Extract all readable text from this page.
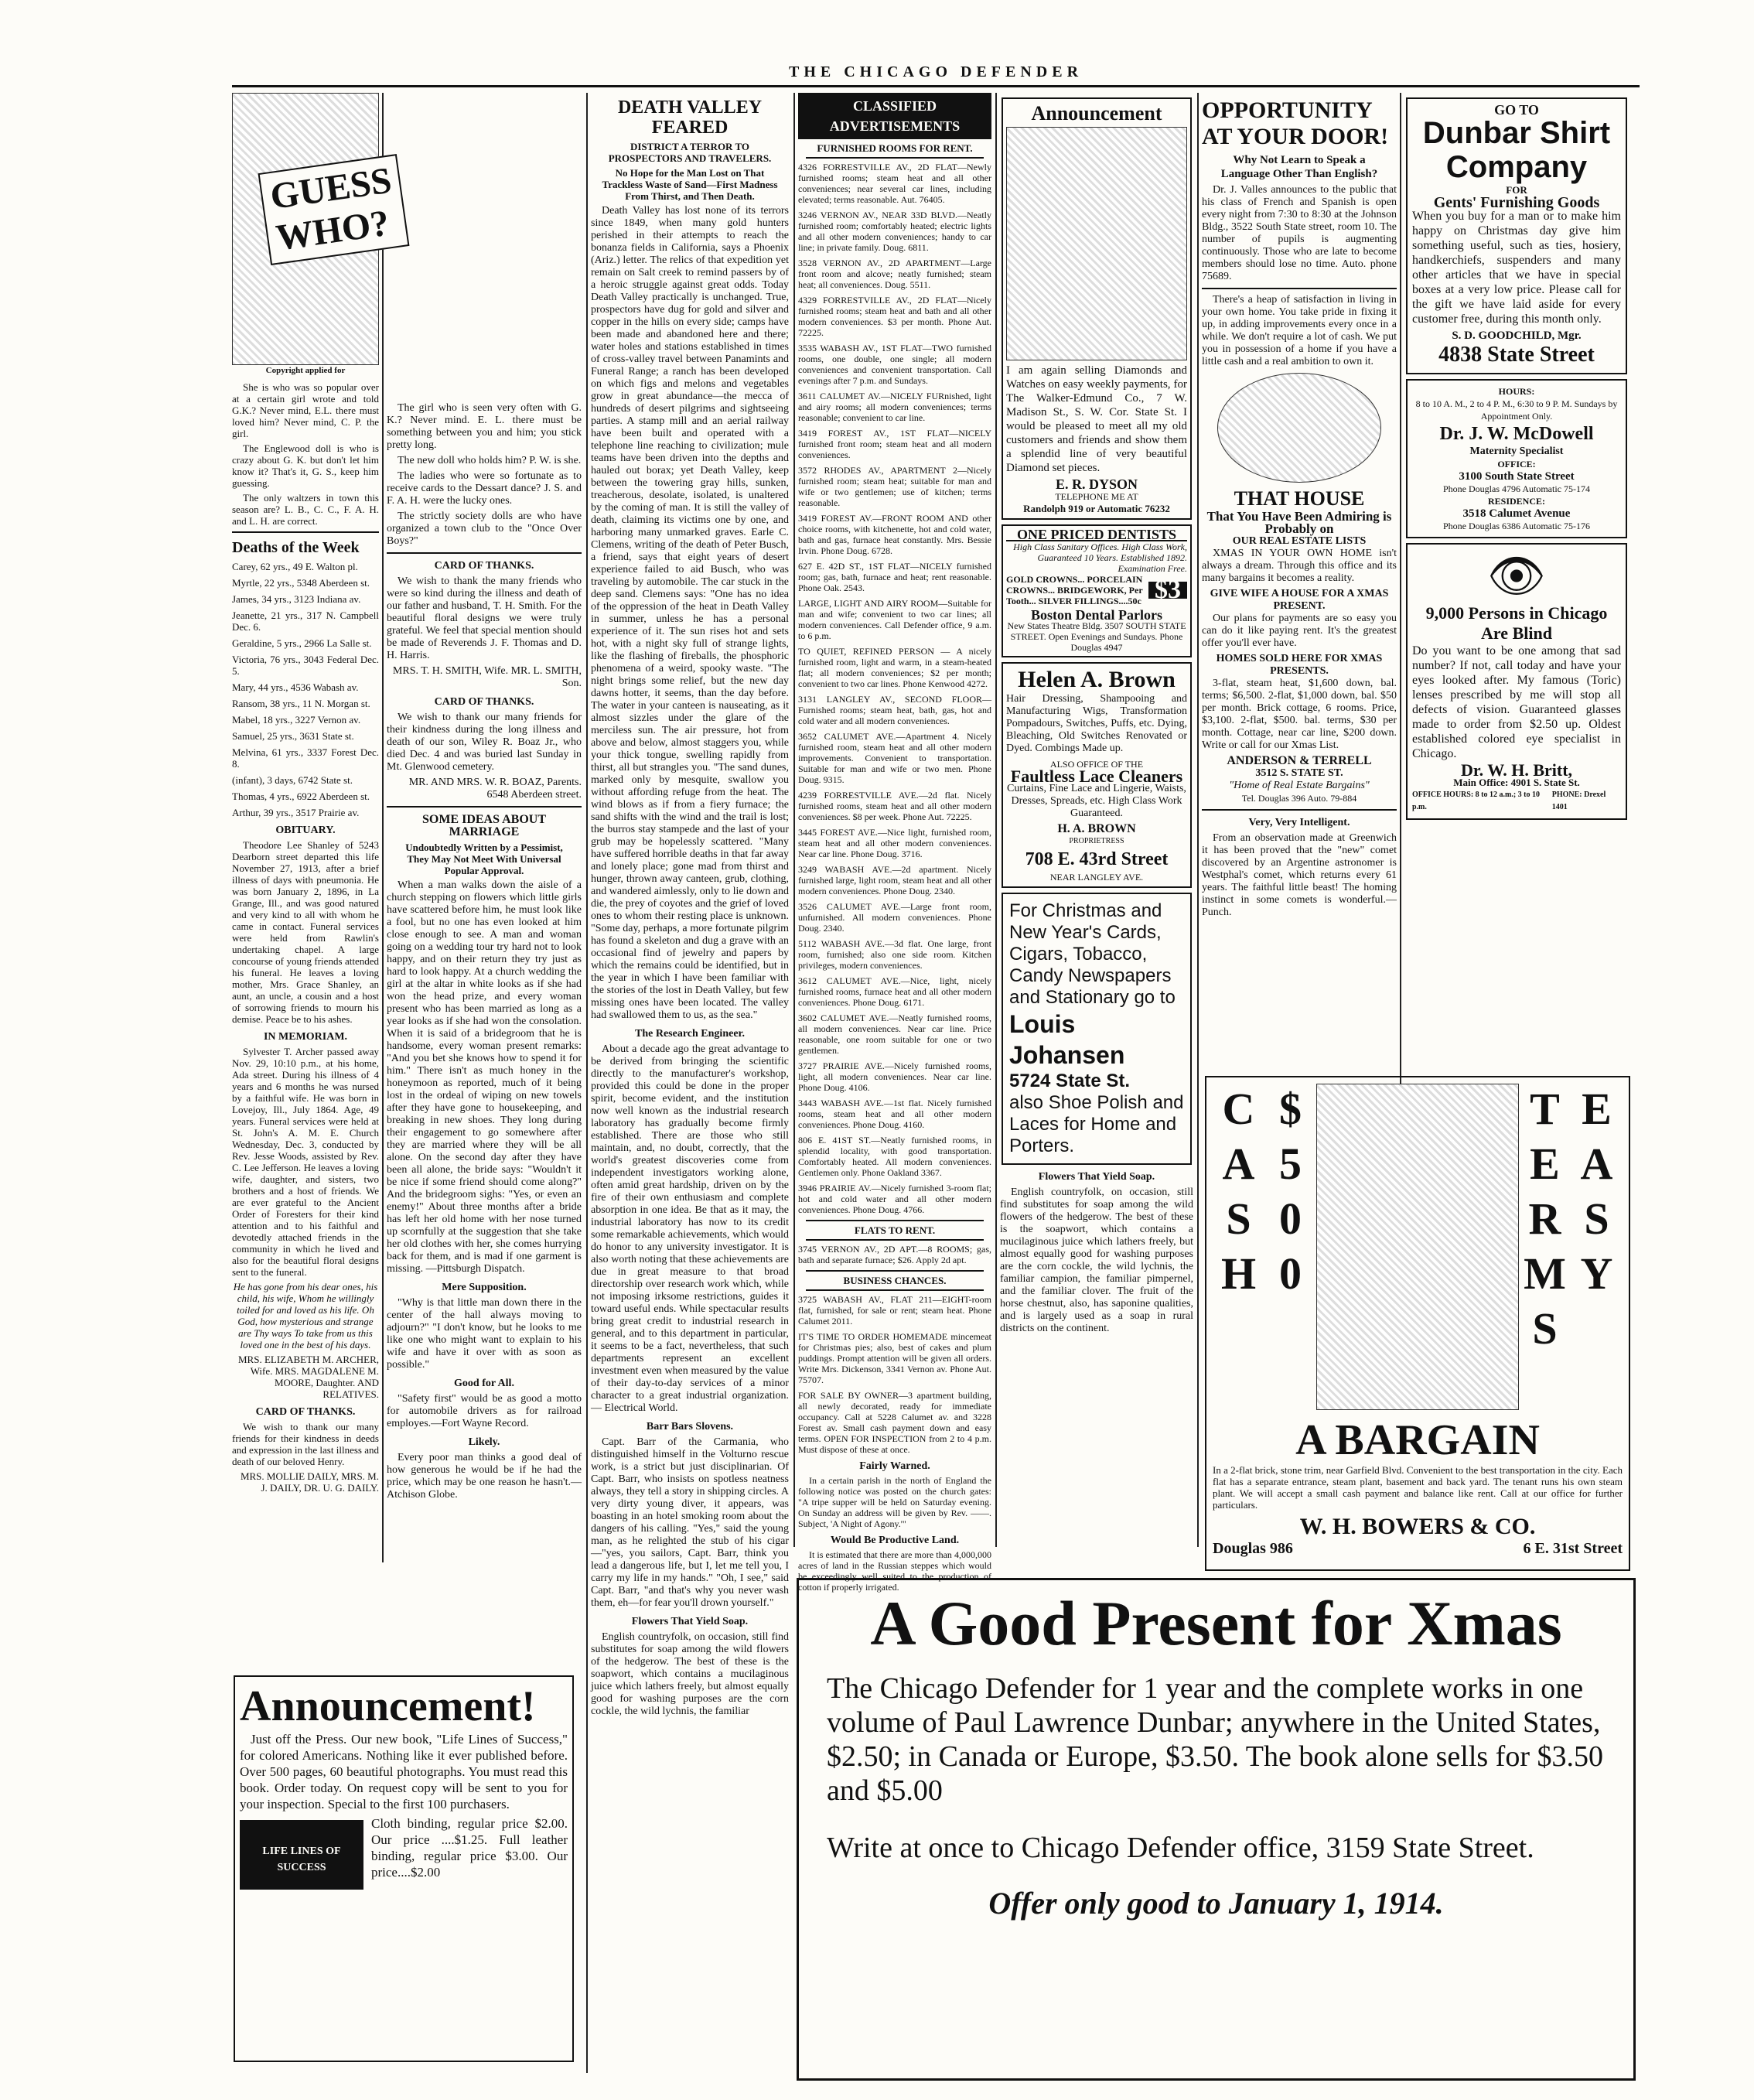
THE CHICAGO DEFENDER
GUESS WHO?
Copyright applied for

She is who was so popular over at a certain girl wrote and told G.K.? Never mind, E.L. there must loved him? Never mind, C. P. the girl.

The Englewood doll is who is crazy about G. K. but don't let him know it? That's it, G. S., keep him guessing.

The only waltzers in town this season are? L. B., C. C., F. A. H. and L. H. are correct.

Deaths of the Week
Carey, 62 yrs., 49 E. Walton pl.
Myrtle, 22 yrs., 5348 Aberdeen st.
James, 34 yrs., 3123 Indiana av.
Jeanette, 21 yrs., 317 N. Campbell Dec. 6.
Geraldine, 5 yrs., 2966 La Salle st.
Victoria, 76 yrs., 3043 Federal Dec. 5.
Mary, 44 yrs., 4536 Wabash av.
Ransom, 38 yrs., 11 N. Morgan st.
Mabel, 18 yrs., 3227 Vernon av.
Samuel, 25 yrs., 3631 State st.
Melvina, 61 yrs., 3337 Forest Dec. 8.
(infant), 3 days, 6742 State st.
Thomas, 4 yrs., 6922 Aberdeen st.
Arthur, 39 yrs., 3517 Prairie av.
OBITUARY.

Theodore Lee Shanley of 5243 Dearborn street departed this life November 27, 1913, after a brief illness of days with pneumonia. He was born January 2, 1896, in La Grange, Ill., and was good natured and very kind to all with whom he came in contact. Funeral services were held from Rawlin's undertaking chapel. A large concourse of young friends attended his funeral. He leaves a loving mother, Mrs. Grace Shanley, an aunt, an uncle, a cousin and a host of sorrowing friends to mourn his demise. Peace be to his ashes.

IN MEMORIAM.

Sylvester T. Archer passed away Nov. 29, 10:10 p.m., at his home, Ada street. During his illness of 4 years and 6 months he was nursed by a faithful wife. He was born in Lovejoy, Ill., July 1864. Age, 49 years. Funeral services were held at St. John's A. M. E. Church Wednesday, Dec. 3, conducted by Rev. Jesse Woods, assisted by Rev. C. Lee Jefferson. He leaves a loving wife, daughter, and sisters, two brothers and a host of friends. We are ever grateful to the Ancient Order of Foresters for their kind attention and to his faithful and devotedly attached friends in the community in which he lived and also for the beautiful floral designs sent to the funeral.

He has gone from his dear ones, his child, his wife, Whom he willingly toiled for and loved as his life. Oh God, how mysterious and strange are Thy ways To take from us this loved one in the best of his days.

MRS. ELIZABETH M. ARCHER, Wife. MRS. MAGDALENE M. MOORE, Daughter. AND RELATIVES.

CARD OF THANKS.

We wish to thank our many friends for their kindness in deeds and expression in the last illness and death of our beloved Henry.

MRS. MOLLIE DAILY, MRS. M. J. DAILY, DR. U. G. DAILY.

Announcement!

Just off the Press. Our new book, "Life Lines of Success," for colored Americans. Nothing like it ever published before. Over 500 pages, 60 beautiful photographs. You must read this book. Order today. On request copy will be sent to you for your inspection. Special to the first 100 purchasers.

LIFE LINES OF SUCCESS

Cloth binding, regular price $2.00. Our price ....$1.25. Full leather binding, regular price $3.00. Our price....$2.00

The girl who is seen very often with G. K.? Never mind. E. L. there must be something between you and him; you stick pretty long.

The new doll who holds him? P. W. is she.

The ladies who were so fortunate as to receive cards to the Dessart dance? J. S. and F. A. H. were the lucky ones.

The strictly society dolls are who have organized a town club to the "Once Over Boys?"

CARD OF THANKS.

We wish to thank the many friends who were so kind during the illness and death of our father and husband, T. H. Smith. For the beautiful floral designs we were truly grateful. We feel that special mention should be made of Reverends J. F. Thomas and D. H. Harris.

MRS. T. H. SMITH, Wife. MR. L. SMITH, Son.

CARD OF THANKS.

We wish to thank our many friends for their kindness during the long illness and death of our son, Wiley R. Boaz Jr., who died Dec. 4 and was buried last Sunday in Mt. Glenwood cemetery.

MR. AND MRS. W. R. BOAZ, Parents. 6548 Aberdeen street.

SOME IDEAS ABOUT MARRIAGE
Undoubtedly Written by a Pessimist, They May Not Meet With Universal Popular Approval.

When a man walks down the aisle of a church stepping on flowers which little girls have scattered before him, he must look like a fool, but no one has even looked at him close enough to see. A man and woman going on a wedding tour try hard not to look happy, and on their return they try just as hard to look happy. At a church wedding the girl at the altar in white looks as if she had won the head prize, and every woman present who has been married as long as a year looks as if she had won the consolation. When it is said of a bridegroom that he is handsome, every woman present remarks: "And you bet she knows how to spend it for him." There isn't as much honey in the honeymoon as reported, much of it being lost in the ordeal of wiping on new towels after they have gone to housekeeping, and breaking in new shoes. They long during their engagement to go somewhere after they are married where they will be all alone. On the second day after they have been all alone, the bride says: "Wouldn't it be nice if some friend should come along?" And the bridegroom sighs: "Yes, or even an enemy!" About three months after a bride has left her old home with her nose turned up scornfully at the suggestion that she take her old clothes with her, she comes hurrying back for them, and is mad if one garment is missing. —Pittsburgh Dispatch.

Mere Supposition.

"Why is that little man down there in the center of the hall always moving to adjourn?" "I don't know, but he looks to me like one who might want to explain to his wife and have it over with as soon as possible."

Good for All.

"Safety first" would be as good a motto for automobile drivers as for railroad employes.—Fort Wayne Record.

Likely.

Every poor man thinks a good deal of how generous he would be if he had the price, which may be one reason he hasn't.—Atchison Globe.

DEATH VALLEY FEARED
DISTRICT A TERROR TO PROSPECTORS AND TRAVELERS.
No Hope for the Man Lost on That Trackless Waste of Sand—First Madness From Thirst, and Then Death.

Death Valley has lost none of its terrors since 1849, when many gold hunters perished in their attempts to reach the bonanza fields in California, says a Phoenix (Ariz.) letter. The relics of that expedition yet remain on Salt creek to remind passers by of a heroic struggle against great odds. Today Death Valley practically is unchanged. True, prospectors have dug for gold and silver and copper in the hills on every side; camps have been made and abandoned here and there; water holes and stations established in times of cross-valley travel between Panamints and Funeral Range; a ranch has been developed on which figs and melons and vegetables grow in great abundance—the mecca of hundreds of desert pilgrims and sightseeing parties. A stamp mill and an aerial railway have been built and operated with a telephone line reaching to civilization; mule teams have been driven into the depths and hauled out borax; yet Death Valley, keep between the towering gray hills, sunken, treacherous, desolate, isolated, is unaltered by the coming of man. It is still the valley of death, claiming its victims one by one, and harboring many unmarked graves. Earle C. Clemens, writing of the death of Peter Busch, a friend, says that eight years of desert experience failed to aid Busch, who was traveling by automobile. The car stuck in the deep sand. Clemens says: "One has no idea of the oppression of the heat in Death Valley in summer, unless he has a personal experience of it. The sun rises hot and sets hot, with a night sky full of strange lights, like the flashing of fireballs, the phosphoric phenomena of a weird, spooky waste. "The night brings some relief, but the new day dawns hotter, it seems, than the day before. The water in your canteen is nauseating, as it almost sizzles under the glare of the merciless sun. The air pressure, hot from above and below, almost staggers you, while your thick tongue, swelling rapidly from thirst, all but strangles you. "The sand dunes, marked only by mesquite, swallow you without affording refuge from the heat. The wind blows as if from a fiery furnace; the sand shifts with the wind and the trail is lost; the burros stay stampede and the last of your grub may be hopelessly scattered. "Many have suffered horrible deaths in that far away and lonely place; gone mad from thirst and hunger, thrown away canteen, grub, clothing, and wandered aimlessly, only to lie down and die, the prey of coyotes and the grief of loved ones to whom their resting place is unknown. "Some day, perhaps, a more fortunate pilgrim has found a skeleton and dug a grave with an occasional find of jewelry and papers by which the remains could be identified, but in the year in which I have been familiar with the stories of the lost in Death Valley, but few missing ones have been located. The valley had swallowed them to us, as the sea."

The Research Engineer.

About a decade ago the great advantage to be derived from bringing the scientific directly to the manufacturer's workshop, provided this could be done in the proper spirit, become evident, and the institution now well known as the industrial research laboratory has gradually become firmly established. There are those who still maintain, and, no doubt, correctly, that the world's greatest discoveries come from independent investigators working alone, often amid great hardship, driven on by the fire of their own enthusiasm and complete absorption in one idea. Be that as it may, the industrial laboratory has now to its credit some remarkable achievements, which would do honor to any university investigator. It is also worth noting that these achievements are due in great measure to that broad directorship over research work which, while not imposing irksome restrictions, guides it toward useful ends. While spectacular results bring great credit to industrial research in general, and to this department in particular, it seems to be a fact, nevertheless, that such departments represent an excellent investment even when measured by the value of their day-to-day services of a minor character to a great industrial organization. — Electrical World.

Barr Bars Slovens.

Capt. Barr of the Carmania, who distinguished himself in the Volturno rescue work, is a strict but just disciplinarian. Of Capt. Barr, who insists on spotless neatness always, they tell a story in shipping circles. A very dirty young diver, it appears, was boasting in an hotel smoking room about the dangers of his calling. "Yes," said the young man, as he relighted the stub of his cigar—"yes, you sailors, Capt. Barr, think you lead a dangerous life, but I, let me tell you, I carry my life in my hands." "Oh, I see," said Capt. Barr, "and that's why you never wash them, eh—for fear you'll drown yourself."

Flowers That Yield Soap.

English countryfolk, on occasion, still find substitutes for soap among the wild flowers of the hedgerow. The best of these is the soapwort, which contains a mucilaginous juice which lathers freely, but almost equally good for washing purposes are the corn cockle, the wild lychnis, the familiar

CLASSIFIED ADVERTISEMENTS
FURNISHED ROOMS FOR RENT.
4326 FORRESTVILLE AV., 2D FLAT—Newly furnished rooms; steam heat and all other conveniences; near several car lines, including elevated; terms reasonable. Aut. 76405.
3246 VERNON AV., NEAR 33D BLVD.—Neatly furnished room; comfortably heated; electric lights and all other modern conveniences; handy to car line; in private family. Doug. 6811.
3528 VERNON AV., 2D APARTMENT—Large front room and alcove; neatly furnished; steam heat; all conveniences. Doug. 5511.
4329 FORRESTVILLE AV., 2D FLAT—Nicely furnished rooms; steam heat and bath and all other modern conveniences. $3 per month. Phone Aut. 72225.
3535 WABASH AV., 1ST FLAT—TWO furnished rooms, one double, one single; all modern conveniences and convenient transportation. Call evenings after 7 p.m. and Sundays.
3611 CALUMET AV.—NICELY FURnished, light and airy rooms; all modern conveniences; terms reasonable; convenient to car line.
3419 FOREST AV., 1ST FLAT—NICELY furnished front room; steam heat and all modern conveniences.
3572 RHODES AV., APARTMENT 2—Nicely furnished room; steam heat; suitable for man and wife or two gentlemen; use of kitchen; terms reasonable.
3419 FOREST AV.—FRONT ROOM AND other choice rooms, with kitchenette, hot and cold water, bath and gas, furnace heat constantly. Mrs. Bessie Irvin. Phone Doug. 6728.
627 E. 42D ST., 1ST FLAT—NICELY furnished room; gas, bath, furnace and heat; rent reasonable. Phone Oak. 2543.
LARGE, LIGHT AND AIRY ROOM—Suitable for man and wife; convenient to two car lines; all modern conveniences. Call Defender office, 9 a.m. to 6 p.m.
TO QUIET, REFINED PERSON — A nicely furnished room, light and warm, in a steam-heated flat; all modern conveniences; $2 per month; convenient to two car lines. Phone Kenwood 4272.
3131 LANGLEY AV., SECOND FLOOR—Furnished rooms; steam heat, bath, gas, hot and cold water and all modern conveniences.
3652 CALUMET AVE.—Apartment 4. Nicely furnished room, steam heat and all other modern improvements. Convenient to transportation. Suitable for man and wife or two men. Phone Doug. 9315.
4239 FORRESTVILLE AVE.—2d flat. Nicely furnished rooms, steam heat and all other modern conveniences. $8 per week. Phone Aut. 72225.
3445 FOREST AVE.—Nice light, furnished room, steam heat and all other modern conveniences. Near car line. Phone Doug. 3716.
3249 WABASH AVE.—2d apartment. Nicely furnished large, light room, steam heat and all other modern conveniences. Phone Doug. 2340.
3526 CALUMET AVE.—Large front room, unfurnished. All modern conveniences. Phone Doug. 2340.
5112 WABASH AVE.—3d flat. One large, front room, furnished; also one side room. Kitchen privileges, modern conveniences.
3612 CALUMET AVE.—Nice, light, nicely furnished rooms, furnace heat and all other modern conveniences. Phone Doug. 6171.
3602 CALUMET AVE.—Neatly furnished rooms, all modern conveniences. Near car line. Price reasonable, one room suitable for one or two gentlemen.
3727 PRAIRIE AVE.—Nicely furnished rooms, light, all modern conveniences. Near car line. Phone Doug. 4106.
3443 WABASH AVE.—1st flat. Nicely furnished rooms, steam heat and all other modern conveniences. Phone Doug. 4160.
806 E. 41ST ST.—Neatly furnished rooms, in splendid locality, with good transportation. Comfortably heated. All modern conveniences. Gentlemen only. Phone Oakland 3367.
3946 PRAIRIE AV.—Nicely furnished 3-room flat; hot and cold water and all other modern conveniences. Phone Doug. 4766.
FLATS TO RENT.
3745 VERNON AV., 2D APT.—8 ROOMS; gas, bath and separate furnace; $26. Apply 2d apt.
BUSINESS CHANCES.
3725 WABASH AV., FLAT 211—EIGHT-room flat, furnished, for sale or rent; steam heat. Phone Calumet 2011.
IT'S TIME TO ORDER HOMEMADE mincemeat for Christmas pies; also, best of cakes and plum puddings. Prompt attention will be given all orders. Write Mrs. Dickenson, 3341 Vernon av. Phone Aut. 75707.
FOR SALE BY OWNER—3 apartment building, all newly decorated, ready for immediate occupancy. Call at 5228 Calumet av. and 3228 Forest av. Small cash payment down and easy terms. OPEN FOR INSPECTION from 2 to 4 p.m. Must dispose of these at once.
Fairly Warned.

In a certain parish in the north of England the following notice was posted on the church gates: "A tripe supper will be held on Saturday evening. On Sunday an address will be given by Rev. ——. Subject, 'A Night of Agony.'"

Would Be Productive Land.

It is estimated that there are more than 4,000,000 acres of land in the Russian steppes which would be exceedingly well suited to the production of cotton if properly irrigated.

Announcement

I am again selling Diamonds and Watches on easy weekly payments, for The Walker-Edmund Co., 7 W. Madison St., S. W. Cor. State St. I would be pleased to meet all my old customers and friends and show them a splendid line of very beautiful Diamond set pieces.

E. R. DYSON
TELEPHONE ME AT
Randolph 919 or Automatic 76232
ONE PRICED DENTISTS
High Class Sanitary Offices. High Class Work, Guaranteed 10 Years. Established 1892. Examination Free.
GOLD CROWNS... PORCELAIN CROWNS... BRIDGEWORK, Per Tooth... SILVER FILLINGS....50c $3
Boston Dental Parlors
New States Theatre Bldg. 3507 SOUTH STATE STREET. Open Evenings and Sundays. Phone Douglas 4947
Helen A. Brown

Hair Dressing, Shampooing and Manufacturing Wigs, Transformation Pompadours, Switches, Puffs, etc. Dying, Bleaching, Old Switches Renovated or Dyed. Combings Made up.

ALSO OFFICE OF THE
Faultless Lace Cleaners

Curtains, Fine Lace and Lingerie, Waists, Dresses, Spreads, etc. High Class Work Guaranteed.

H. A. BROWN
PROPRIETRESS
708 E. 43rd Street
NEAR LANGLEY AVE.
For Christmas and New Year's Cards, Cigars, Tobacco, Candy Newspapers and Stationary go to
Louis Johansen
5724 State St.
also Shoe Polish and Laces for Home and Porters.
Flowers That Yield Soap.

English countryfolk, on occasion, still find substitutes for soap among the wild flowers of the hedgerow. The best of these is the soapwort, which contains a mucilaginous juice which lathers freely, but almost equally good for washing purposes are the corn cockle, the wild lychnis, the familiar campion, the familiar pimpernel, and the familiar clover. The fruit of the horse chestnut, also, has saponine qualities, and is largely used as a soap in rural districts on the continent.

OPPORTUNITY AT YOUR DOOR!
Why Not Learn to Speak a Language Other Than English?

Dr. J. Valles announces to the public that his class of French and Spanish is open every night from 7:30 to 8:30 at the Johnson Bldg., 3522 South State street, room 10. The number of pupils is augmenting continuously. Those who are late to become members should lose no time. Auto. phone 75689.

There's a heap of satisfaction in living in your own home. You take pride in fixing it up, in adding improvements every once in a while. We don't require a lot of cash. We put you in possession of a home if you have a little cash and a real ambition to own it.

THAT HOUSE
That You Have Been Admiring is Probably on
OUR REAL ESTATE LISTS

XMAS IN YOUR OWN HOME isn't always a dream. Through this office and its many bargains it becomes a reality.

GIVE WIFE A HOUSE FOR A XMAS PRESENT.

Our plans for payments are so easy you can do it like paying rent. It's the greatest offer you'll ever have.

HOMES SOLD HERE FOR XMAS PRESENTS.

3-flat, steam heat, $1,600 down, bal. terms; $6,500. 2-flat, $1,000 down, bal. $50 per month. Brick cottage, 6 rooms. Price, $3,100. 2-flat, $500. bal. terms, $30 per month. Cottage, near car line, $200 down. Write or call for our Xmas List.

ANDERSON & TERRELL
3512 S. STATE ST.
"Home of Real Estate Bargains"
Tel. Douglas 396 Auto. 79-884
Very, Very Intelligent.

From an observation made at Greenwich it has been proved that the "new" comet discovered by an Argentine astronomer is Westphal's comet, which returns every 61 years. The faithful little beast! The homing instinct in some comets is wonderful.—Punch.

GO TO
Dunbar Shirt Company
FOR
Gents' Furnishing Goods

When you buy for a man or to make him happy on Christmas day give him something useful, such as ties, hosiery, handkerchiefs, suspenders and many other articles that we have in special boxes at a very low price. Please call for the gift we have laid aside for every customer free, during this month only.

S. D. GOODCHILD, Mgr.
4838 State Street
HOURS:
8 to 10 A. M., 2 to 4 P. M., 6:30 to 9 P. M. Sundays by Appointment Only.
Dr. J. W. McDowell
Maternity Specialist
OFFICE:
3100 South State Street
Phone Douglas 4796 Automatic 75-174
RESIDENCE:
3518 Calumet Avenue
Phone Douglas 6386 Automatic 75-176
👁
9,000 Persons in Chicago Are Blind

Do you want to be one among that sad number? If not, call today and have your eyes looked after. My famous (Toric) lenses prescribed by me will stop all defects of vision. Guaranteed glasses made to order from $2.50 up. Oldest established colored eye specialist in Chicago.

Dr. W. H. Britt,
Main Office: 4901 S. State St.
OFFICE HOURS: 8 to 12 a.m.; 3 to 10 p.m.
PHONE: Drexel 1401
$500 CASH	EASY TERMS
A BARGAIN

In a 2-flat brick, stone trim, near Garfield Blvd. Convenient to the best transportation in the city. Each flat has a separate entrance, steam plant, basement and back yard. The tenant runs his own steam plant. We will accept a small cash payment and balance like rent. Call at our office for further particulars.

W. H. BOWERS & CO.
Douglas 986	6 E. 31st Street
A Good Present for Xmas
The Chicago Defender for 1 year and the complete works in one volume of Paul Lawrence Dunbar; anywhere in the United States, $2.50; in Canada or Europe, $3.50. The book alone sells for $3.50 and $5.00
Write at once to Chicago Defender office, 3159 State Street.
Offer only good to January 1, 1914.
